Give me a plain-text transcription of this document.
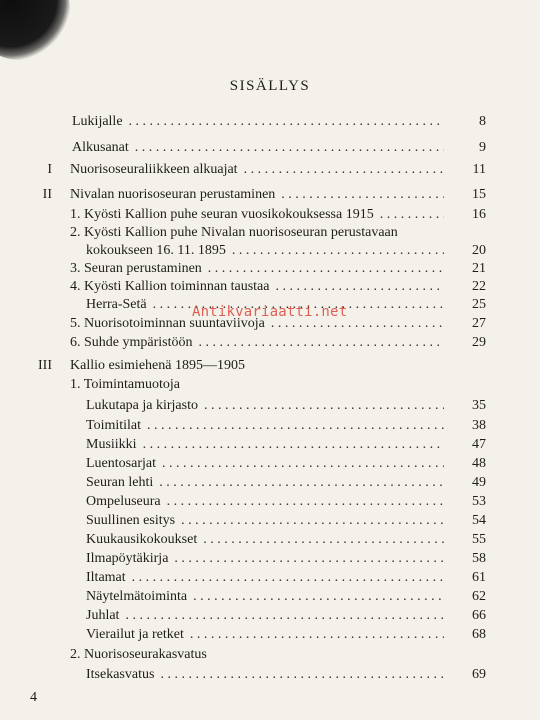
SISÄLLYS
Lukijalle . . .	8
Alkusanat . . .	9
I Nuorisoseuraliikkeen alkuajat . . .	11
II Nivalan nuorisoseuran perustaminen . . .	15
1. Kyösti Kallion puhe seuran vuosikokouksessa 1915 . . .	16
2. Kyösti Kallion puhe Nivalan nuorisoseuran perustavaan
kokoukseen 16. 11. 1895 . . .	20
3. Seuran perustaminen . . .	21
4. Kyösti Kallion toiminnan taustaa . . .	22
Herra-Setä . . .	25
5. Nuorisotoiminnan suuntaviivoja . . .	27
6. Suhde ympäristöön . . .	29
III Kallio esimiehenä 1895—1905
1. Toimintamuotoja
Lukutapa ja kirjasto . . .	35
Toimitilat . . .	38
Musiikki . . .	47
Luentosarjat . . .	48
Seuran lehti . . .	49
Ompeluseura . . .	53
Suullinen esitys . . .	54
Kuukausikokoukset . . .	55
Ilmapöytäkirja . . .	58
Iltamat . . .	61
Näytelmätoiminta . . .	62
Juhlat . . .	66
Vierailut ja retket . . .	68
2. Nuorisoseurakasvatus
Itsekasvatus . . .	69
Antikvariaatti.net
4
